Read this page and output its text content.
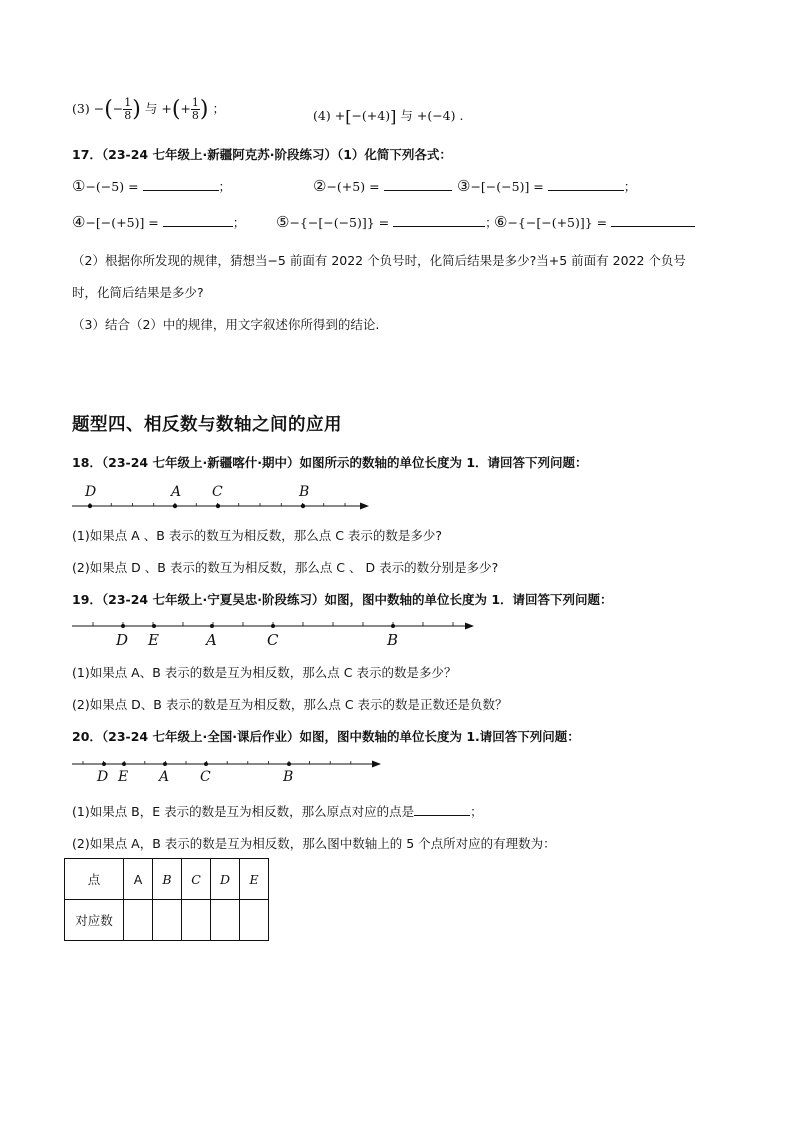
(3) −(− $\frac{1}{8}$ ) 与 +(+ $\frac{1}{8}$ ) ；	(4) +[−(+4)] 与 +(−4) .
17．（23-24 七年级上·新疆阿克苏·阶段练习）（1）化简下列各式：
①−(−5) =	；	②−(+5) =	③−[−(−5)] =	；
④−[−(+5)] =	； ⑤−{−[−(−5)]} =	；
⑥−{−[−(+5)]} =
（2）根据你所发现的规律，猜想当−5 前面有 2022 个负号时，化简后结果是多少?当+5 前面有 2022 个负号
时，化简后结果是多少?
（3）结合（2）中的规律，用文字叙述你所得到的结论.
题型四、相反数与数轴之间的应用
18．（23-24 七年级上·新疆喀什·期中）如图所示的数轴的单位长度为 1．请回答下列问题：
D	A C	B
(1)如果点 A 、B 表示的数互为相反数，那么点 C 表示的数是多少?
(2)如果点 D 、B 表示的数互为相反数，那么点 C 、 D 表示的数分别是多少?
19．（23-24 七年级上·宁夏吴忠·阶段练习）如图，图中数轴的单位长度为 1．请回答下列问题：
D E	A	C	B
(1)如果点 A、B 表示的数是互为相反数，那么点 C 表示的数是多少？
(2)如果点 D、B 表示的数是互为相反数，那么点 C 表示的数是正数还是负数？
20．（23-24 七年级上·全国·课后作业）如图，图中数轴的单位长度为 1.请回答下列问题：
D E A C	B
(1)如果点 B，E 表示的数是互为相反数，那么原点对应的点是	；
(2)如果点 A，B 表示的数是互为相反数，那么图中数轴上的 5 个点所对应的有理数为：
点	A	B	C	D	E
对应数					
